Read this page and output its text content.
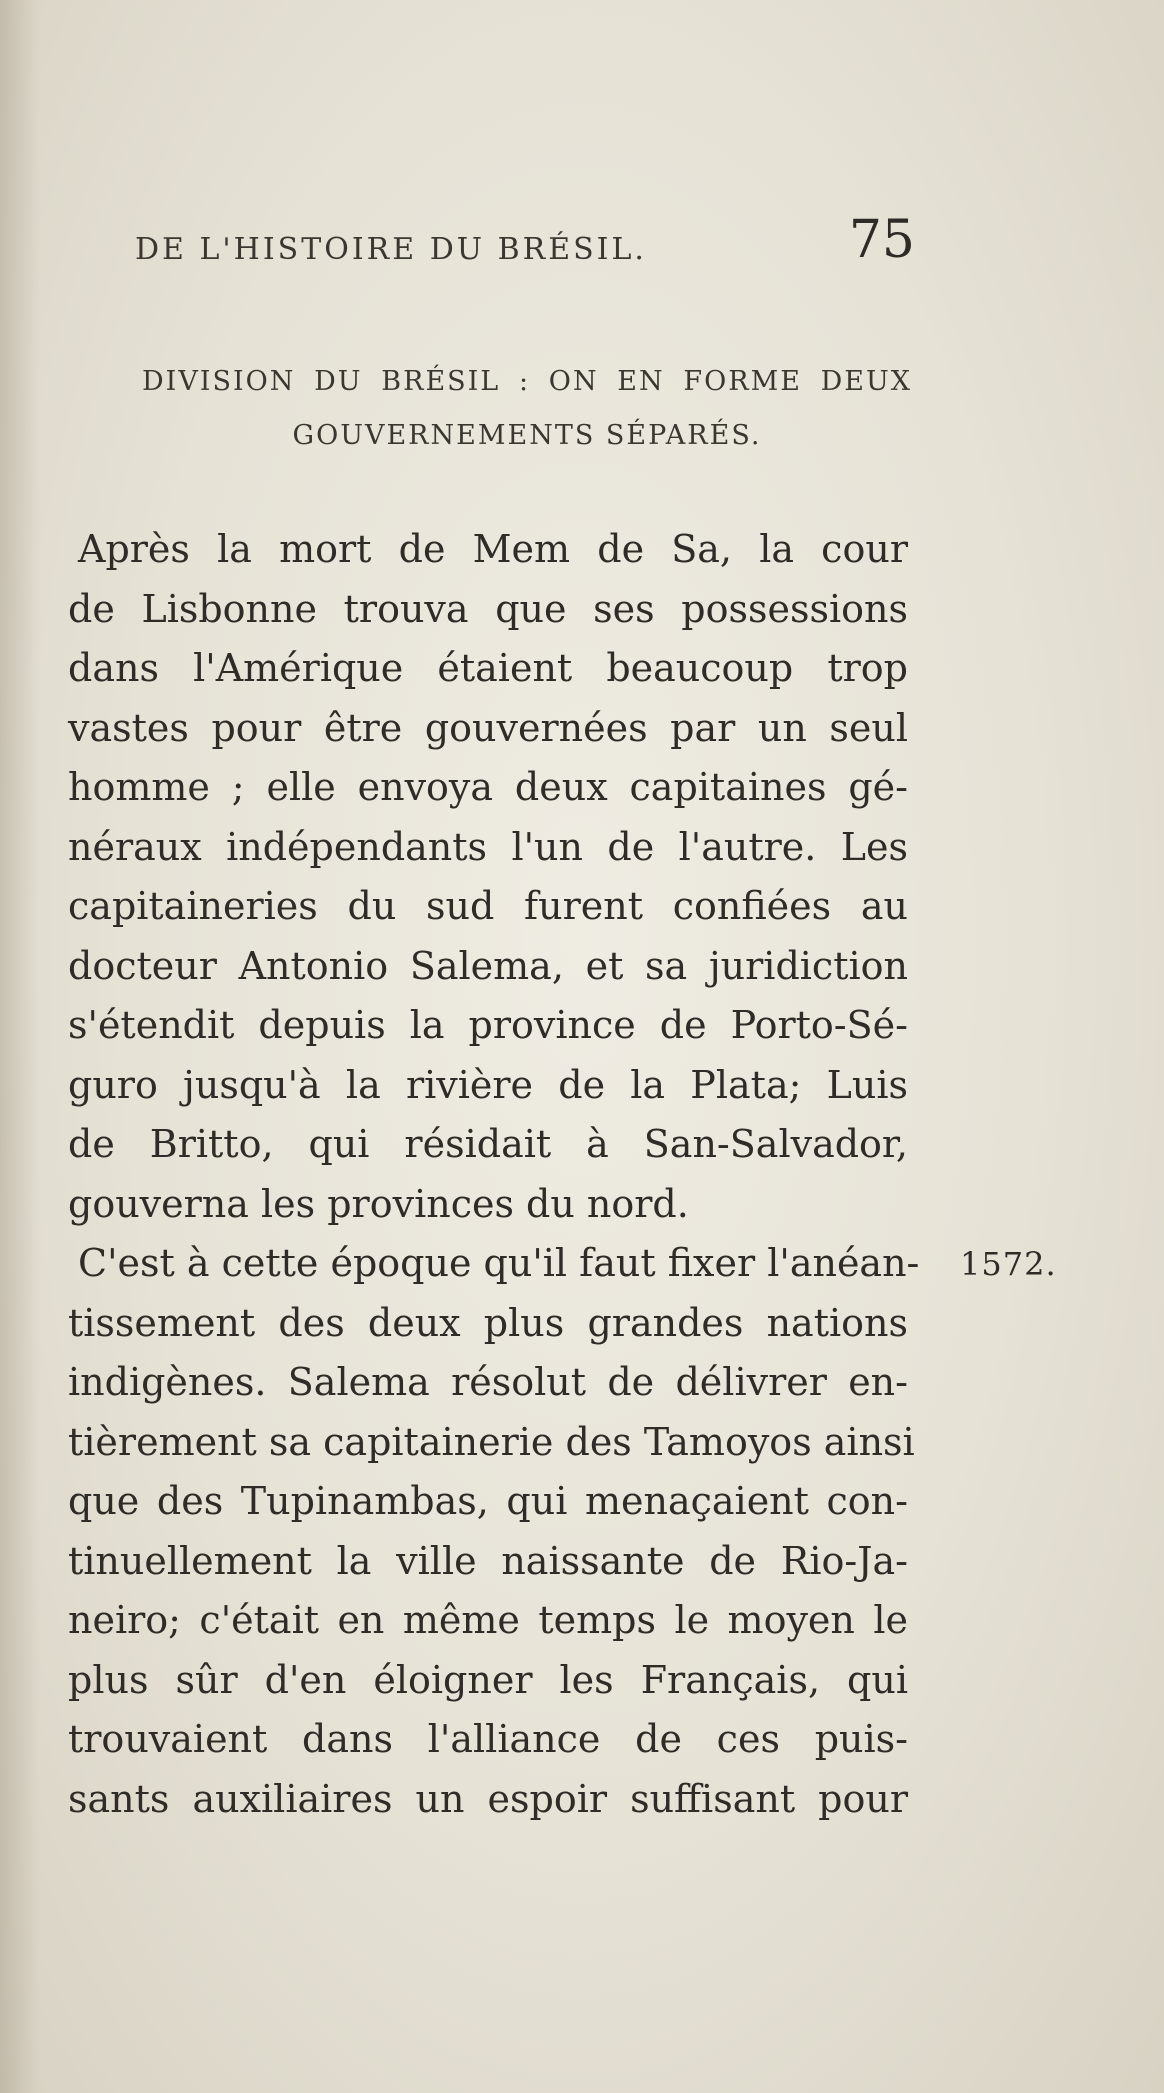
DE L'HISTOIRE DU BRÉSIL.	75
DIVISION DU BRÉSIL : ON EN FORME DEUX
GOUVERNEMENTS SÉPARÉS.
Après la mort de Mem de Sa, la cour
de Lisbonne trouva que ses possessions
dans l'Amérique étaient beaucoup trop
vastes pour être gouvernées par un seul
homme ; elle envoya deux capitaines gé-
néraux indépendants l'un de l'autre. Les
capitaineries du sud furent confiées au
docteur Antonio Salema, et sa juridiction
s'étendit depuis la province de Porto-Sé-
guro jusqu'à la rivière de la Plata; Luis
de Britto, qui résidait à San-Salvador,
gouverna les provinces du nord.
C'est à cette époque qu'il faut fixer l'anéan-
tissement des deux plus grandes nations
indigènes. Salema résolut de délivrer en-
tièrement sa capitainerie des Tamoyos ainsi
que des Tupinambas, qui menaçaient con-
tinuellement la ville naissante de Rio-Ja-
neiro; c'était en même temps le moyen le
plus sûr d'en éloigner les Français, qui
trouvaient dans l'alliance de ces puis-
sants auxiliaires un espoir suffisant pour
1572.
